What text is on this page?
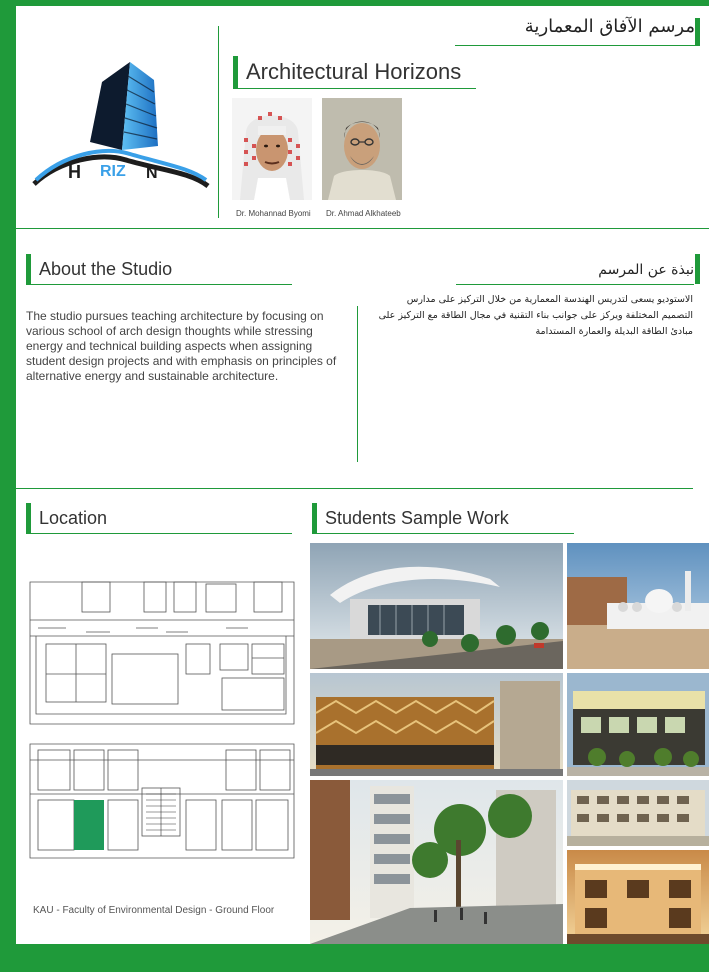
H RIZ N
مرسم الآفاق المعمارية
Architectural Horizons
Dr. Mohannad Byomi Dr. Ahmad Alkhateeb
About the Studio	نبذة عن المرسم
The studio pursues teaching architecture by focusing on various school of arch design thoughts while stressing energy and technical building aspects when assigning student design projects and with emphasis on principles of alternative energy and sustainable architecture.
الاستوديو يسعى لتدريس الهندسة المعمارية من خلال التركيز على مدارس التصميم المختلفة ويركز على جوانب بناء التقنية في مجال الطاقة مع التركيز على مبادئ الطاقة البديلة والعمارة المستدامة
Location
KAU - Faculty of Environmental Design - Ground Floor
Students Sample Work
